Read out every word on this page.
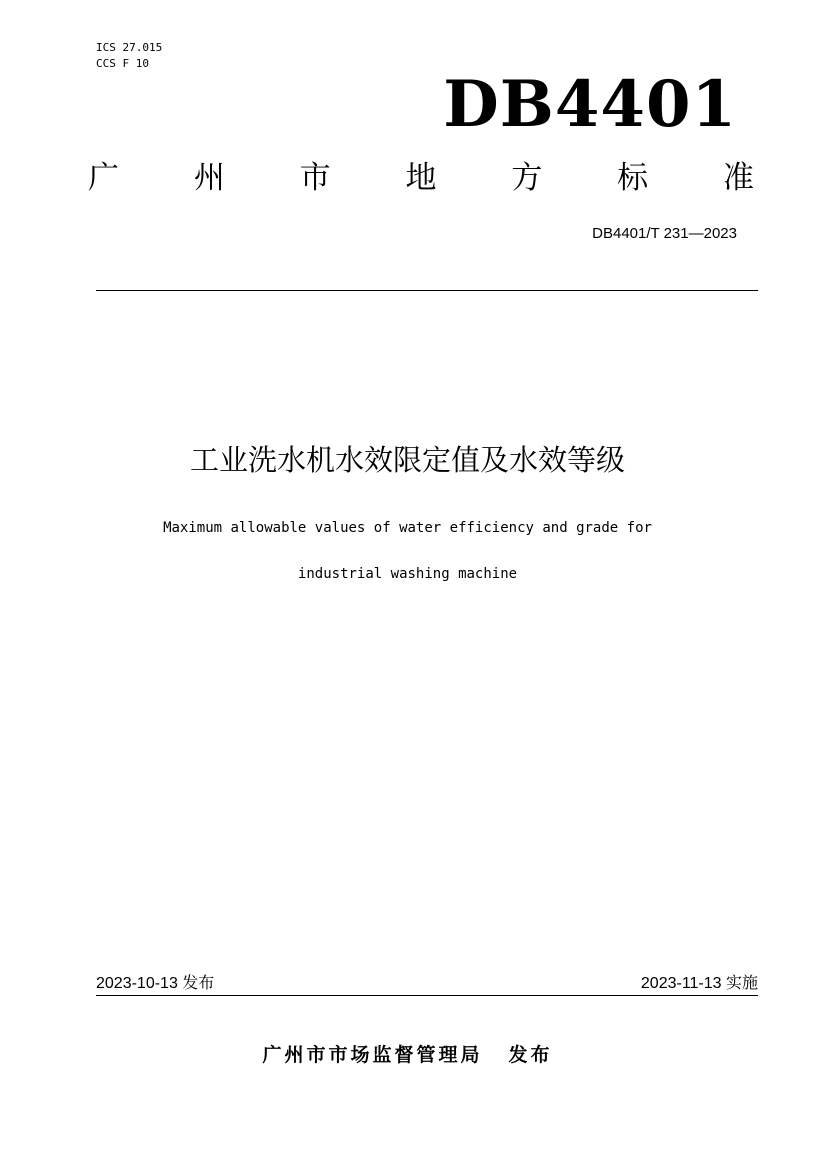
ICS 27.015
CCS F 10
DB4401
广 州 市 地 方 标 准
DB4401/T 231—2023
工业洗水机水效限定值及水效等级
Maximum allowable values of water efficiency and grade for
industrial washing machine
2023-10-13 发布	2023-11-13 实施
广州市市场监督管理局 发布
